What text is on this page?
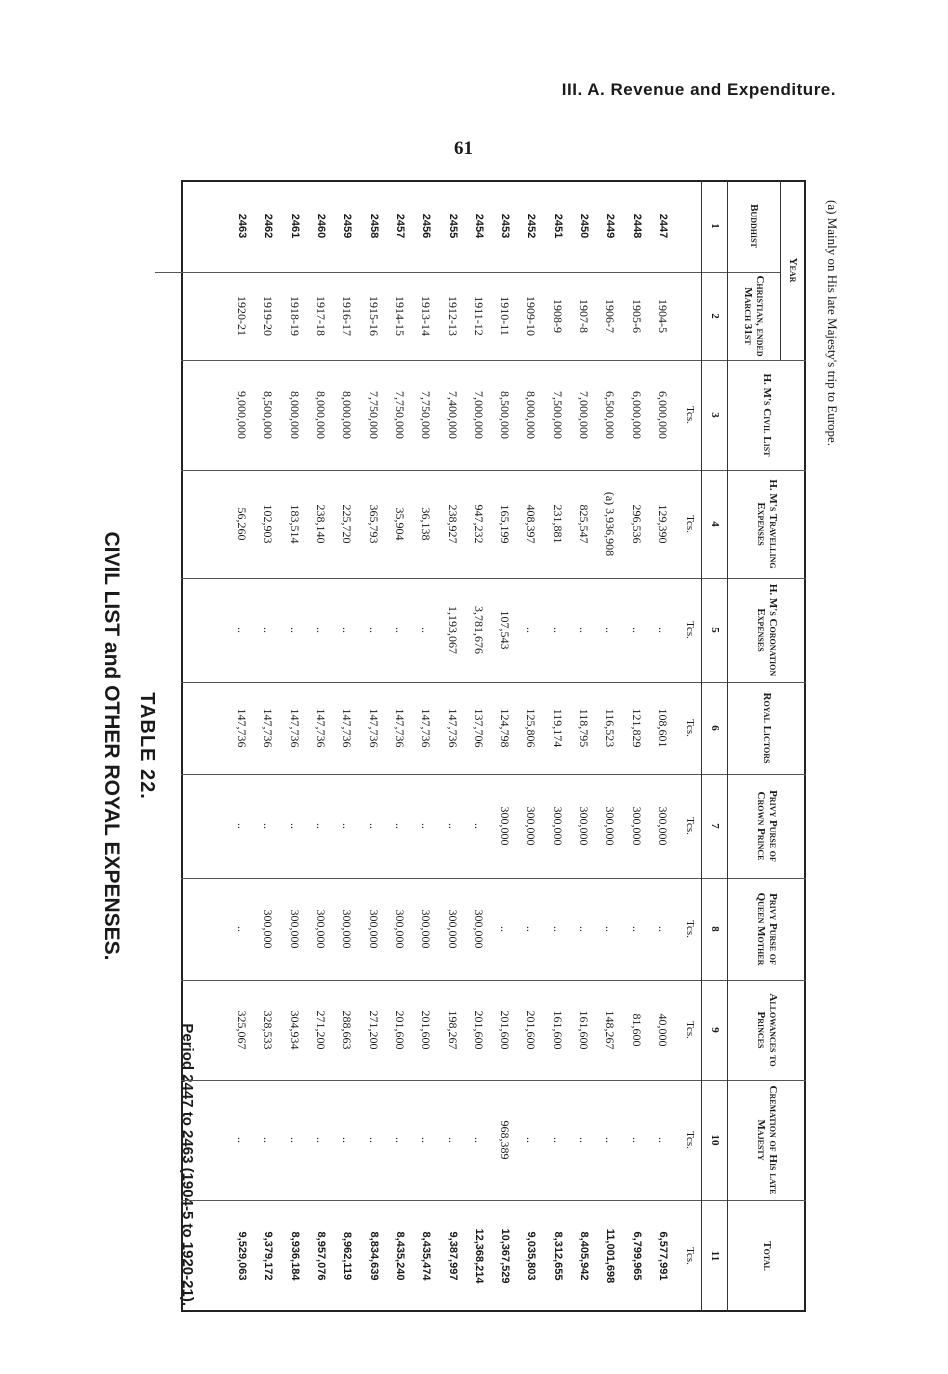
III. A. Revenue and Expenditure.
61
TABLE 22.
CIVIL LIST and OTHER ROYAL EXPENSES.
Period 2447 to 2463 (1904-5 to 1920-21).
(a) Mainly on His late Majesty's trip to Europe.
Year
Buddhist
1
Christian, ended March 31st
2
H. M's Civil List
3
Tcs.
H. M's Travelling Expenses
4
Tcs.
H. M's Coronation Expenses
5
Tcs.
Royal Lictors
6
Tcs.
Privy Purse of Crown Prince
7
Tcs.
Privy Purse of Queen Mother
8
Tcs.
Allowances to Princes
9
Tcs.
Cremation of His late Majesty
10
Tcs.
Total
11
Tcs.
2447
1904-5
6,000,000
129,390
..
108,601
300,000
..
40,000
..
6,577,991
2448
1905-6
6,000,000
296,536
..
121,829
300,000
..
81,600
..
6,799,965
2449
1906-7
6,500,000
(a) 3,936,908
..
116,523
300,000
..
148,267
..
11,001,698
2450
1907-8
7,000,000
825,547
..
118,795
300,000
..
161,600
..
8,405,942
2451
1908-9
7,500,000
231,881
..
119,174
300,000
..
161,600
..
8,312,655
2452
1909-10
8,000,000
408,397
..
125,806
300,000
..
201,600
..
9,035,803
2453
1910-11
8,500,000
165,199
107,543
124,798
300,000
..
201,600
968,389
10,367,529
2454
1911-12
7,000,000
947,232
3,781,676
137,706
..
300,000
201,600
..
12,368,214
2455
1912-13
7,400,000
238,927
1,193,067
147,736
..
300,000
198,267
..
9,387,997
2456
1913-14
7,750,000
36,138
..
147,736
..
300,000
201,600
..
8,435,474
2457
1914-15
7,750,000
35,904
..
147,736
..
300,000
201,600
..
8,435,240
2458
1915-16
7,750,000
365,793
..
147,736
..
300,000
271,200
..
8,834,639
2459
1916-17
8,000,000
225,720
..
147,736
..
300,000
288,663
..
8,962,119
2460
1917-18
8,000,000
238,140
..
147,736
..
300,000
271,200
..
8,957,076
2461
1918-19
8,000,000
183,514
..
147,736
..
300,000
304,934
..
8,936,184
2462
1919-20
8,500,000
102,903
..
147,736
..
300,000
328,533
..
9,379,172
2463
1920-21
9,000,000
56,260
..
147,736
..
..
325,067
..
9,529,063
